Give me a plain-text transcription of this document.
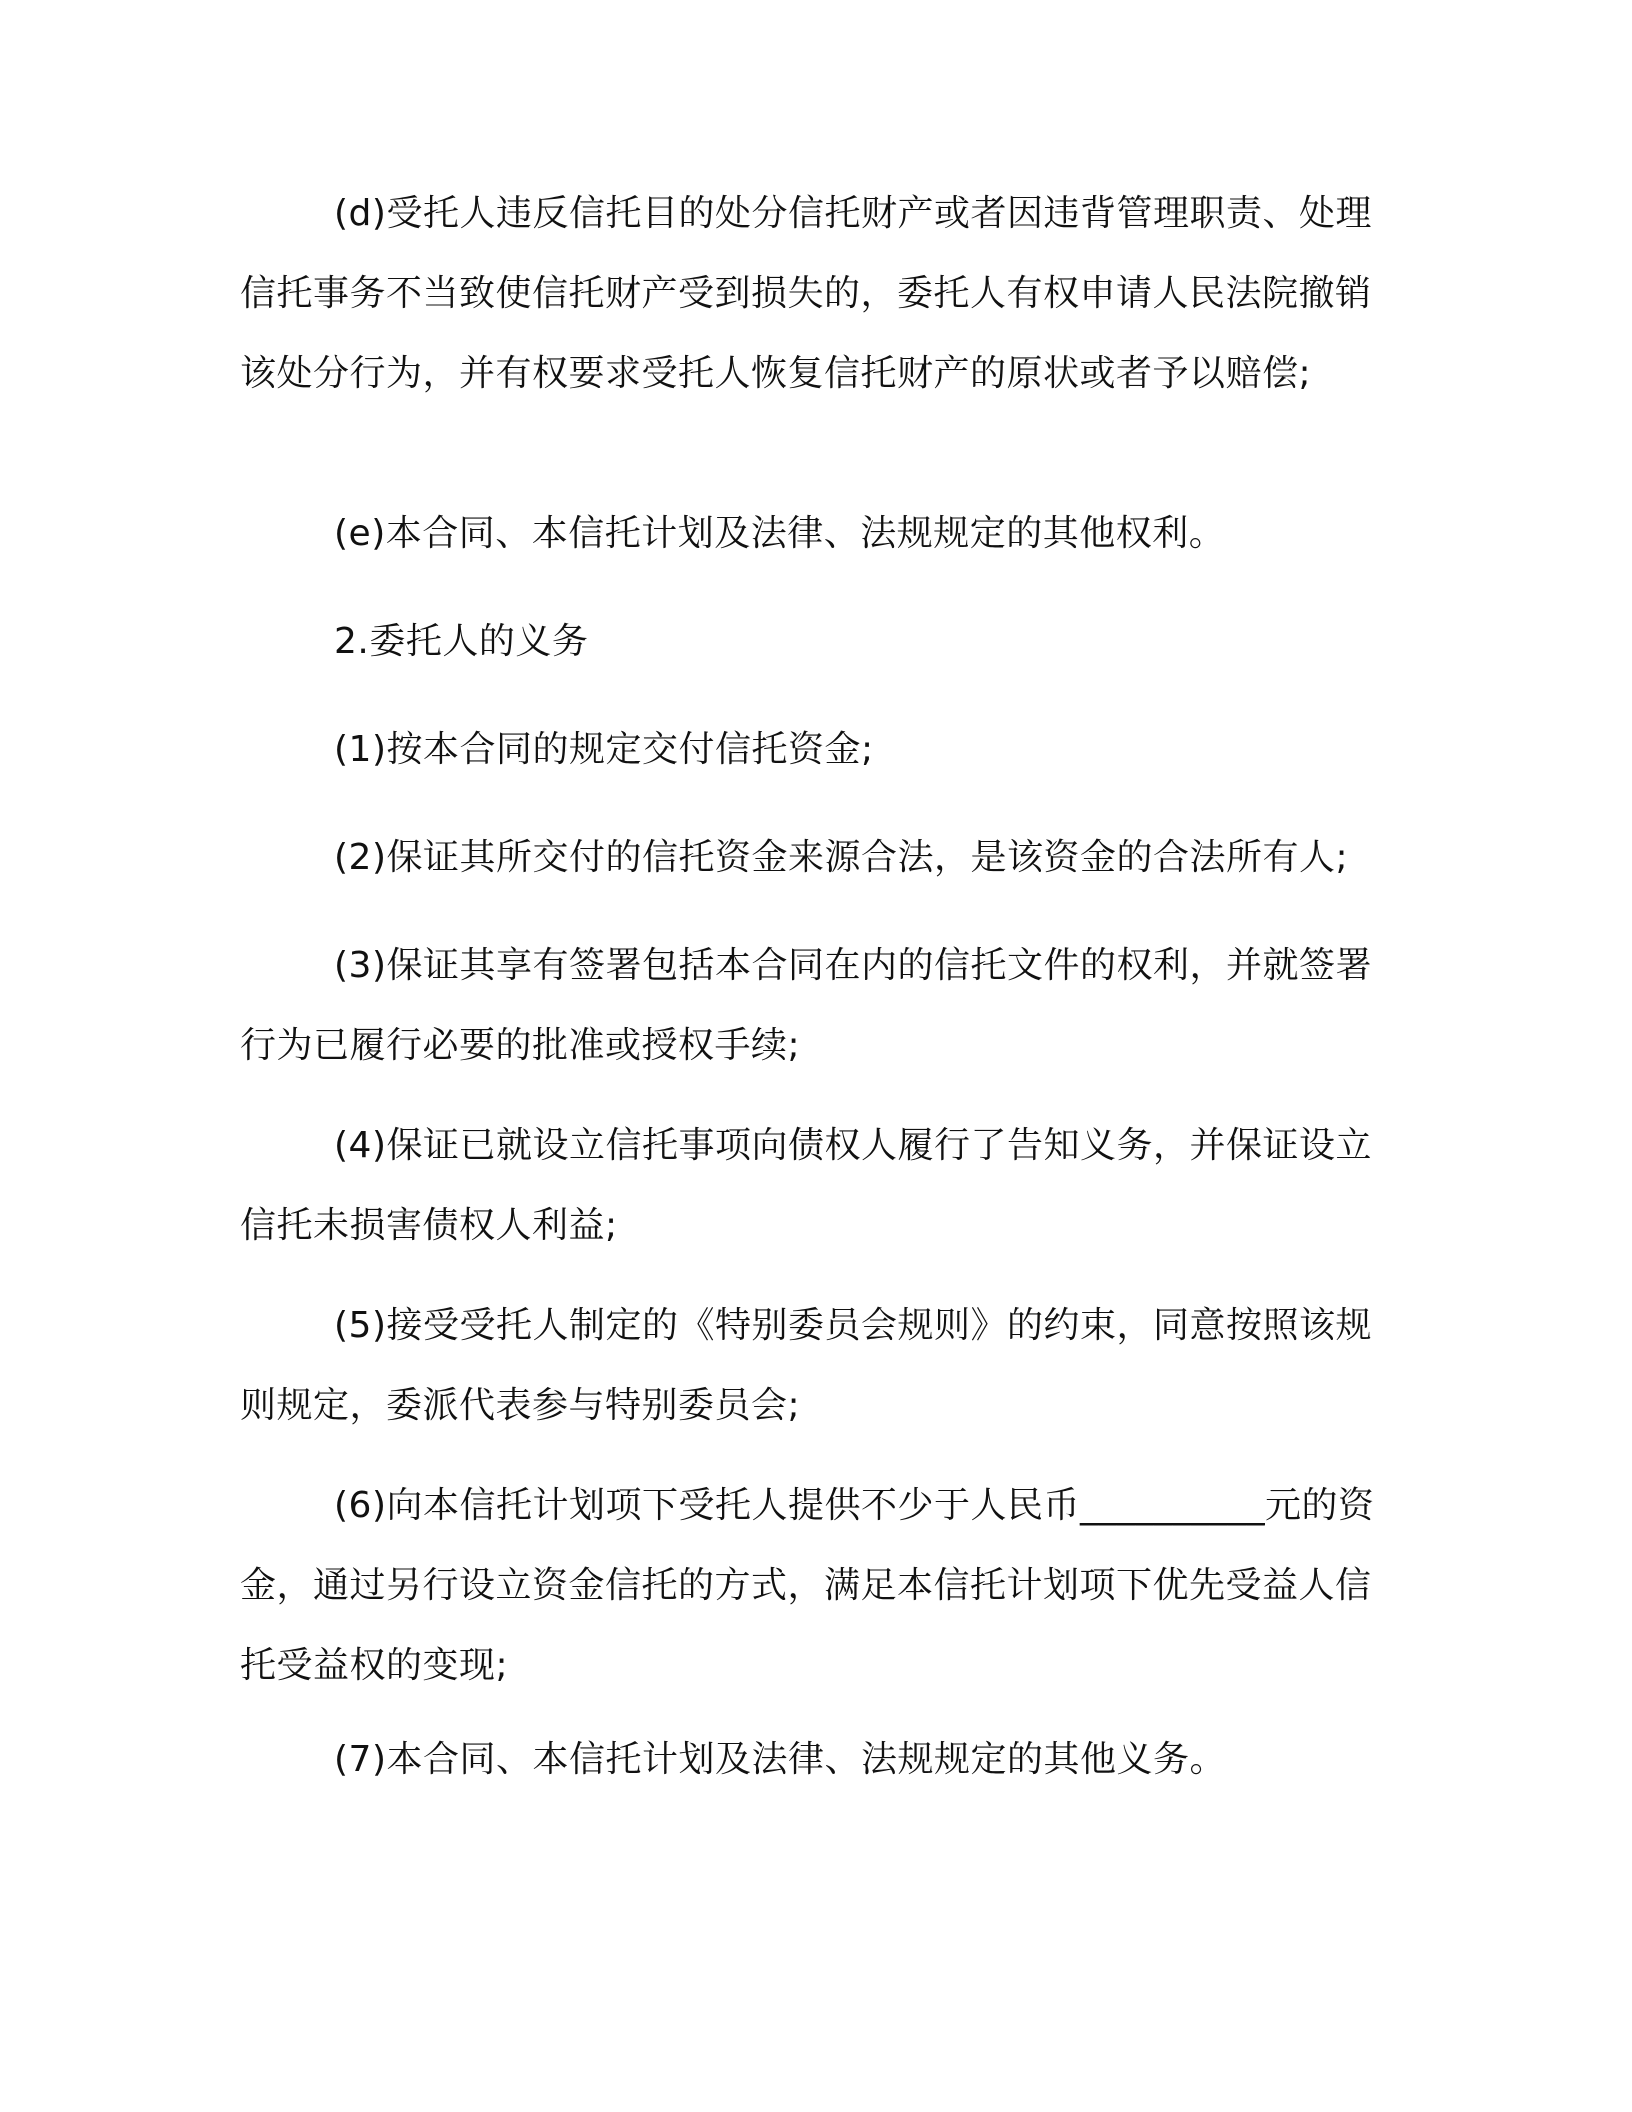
(d)受托人违反信托目的处分信托财产或者因违背管理职责、处理信托事务不当致使信托财产受到损失的，委托人有权申请人民法院撤销该处分行为，并有权要求受托人恢复信托财产的原状或者予以赔偿;

(e)本合同、本信托计划及法律、法规规定的其他权利。

2.委托人的义务

(1)按本合同的规定交付信托资金;

(2)保证其所交付的信托资金来源合法，是该资金的合法所有人;

(3)保证其享有签署包括本合同在内的信托文件的权利，并就签署行为已履行必要的批准或授权手续;

(4)保证已就设立信托事项向债权人履行了告知义务，并保证设立信托未损害债权人利益;

(5)接受受托人制定的《特别委员会规则》的约束，同意按照该规则规定，委派代表参与特别委员会;

(6)向本信托计划项下受托人提供不少于人民币__________元的资金，通过另行设立资金信托的方式，满足本信托计划项下优先受益人信托受益权的变现;

(7)本合同、本信托计划及法律、法规规定的其他义务。
